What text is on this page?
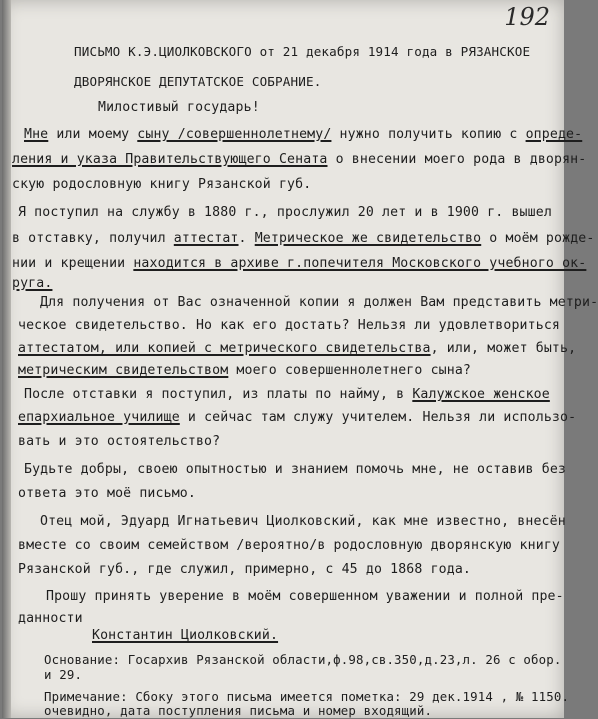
192
ПИСЬМО К.Э.ЦИОЛКОВСКОГО от 21 декабря 1914 года в РЯЗАНСКОЕ
ДВОРЯНСКОЕ ДЕПУТАТСКОЕ СОБРАНИЕ.
Милостивый государь!
Мне или моему сыну /совершеннолетнему/ нужно получить копию с опреде-
ления и указа Правительствующего Сената о внесении моего рода в дворян-
скую родословную книгу Рязанской губ.
Я поступил на службу в 1880 г., прослужил 20 лет и в 1900 г. вышел
в отставку, получил аттестат. Метрическое же свидетельство о моём рожде-
нии и крещении находится в архиве г.попечителя Московского учебного ок-
руга.
Для получения от Вас означенной копии я должен Вам представить метри-
ческое свидетельство. Но как его достать? Нельзя ли удовлетвориться
аттестатом, или копией с метрического свидетельства, или, может быть,
метрическим свидетельством моего совершеннолетнего сына?
После отставки я поступил, из платы по найму, в Калужское женское
епархиальное училище и сейчас там служу учителем. Нельзя ли использо-
вать и это остоятельство?
Будьте добры, своею опытностью и знанием помочь мне, не оставив без
ответа это моё письмо.
Отец мой, Эдуард Игнатьевич Циолковский, как мне известно, внесён
вместе со своим семейством /вероятно/в родословную дворянскую книгу
Рязанской губ., где служил, примерно, с 45 до 1868 года.
Прошу принять уверение в моём совершенном уважении и полной пре-
данности
Константин Циолковский.
Основание: Госархив Рязанской области,ф.98,св.350,д.23,л. 26 с обор.
и 29.
Примечание: Сбоку этого письма имеется пометка: 29 дек.1914 , № 1150.
очевидно, дата поступления письма и номер входящий.
